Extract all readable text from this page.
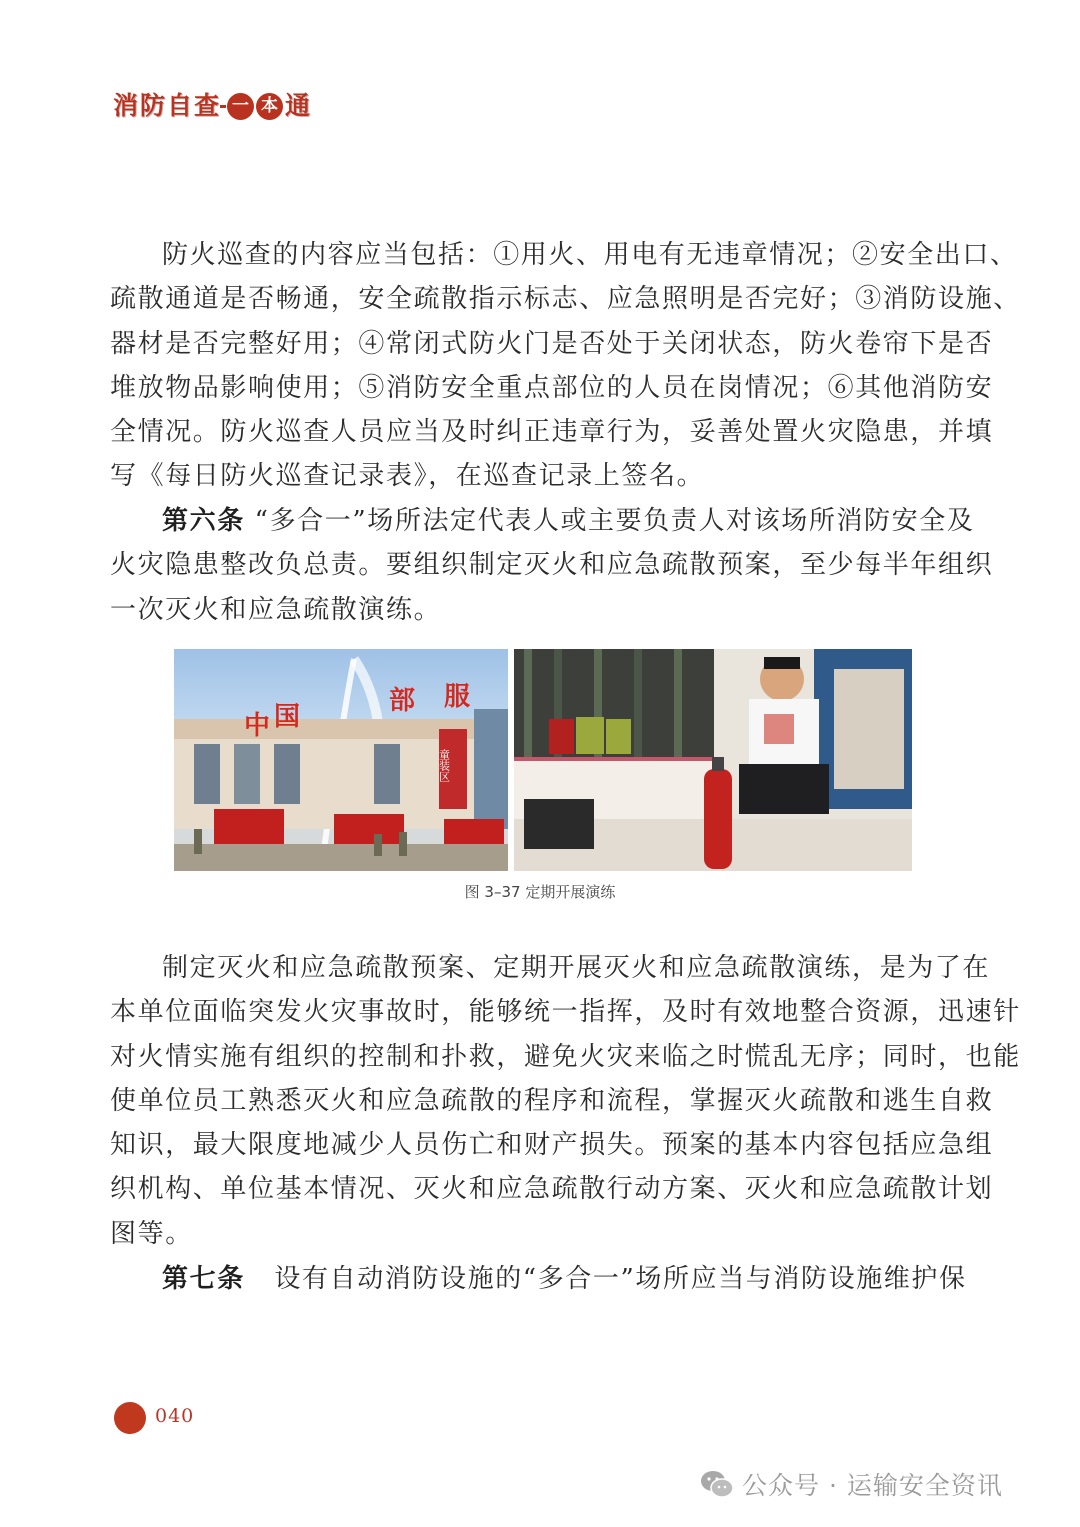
消 防 自 查 一 本 通

防火巡查的内容应当包括：①用火、用电有无违章情况；②安全出口、
疏散通道是否畅通，安全疏散指示标志、应急照明是否完好；③消防设施、
器材是否完整好用；④常闭式防火门是否处于关闭状态，防火卷帘下是否
堆放物品影响使用；⑤消防安全重点部位的人员在岗情况；⑥其他消防安
全情况。防火巡查人员应当及时纠正违章行为，妥善处置火灾隐患，并填
写《每日防火巡查记录表》，在巡查记录上签名。

第六条 “多合一”场所法定代表人或主要负责人对该场所消防安全及
火灾隐患整改负总责。要组织制定灭火和应急疏散预案，至少每半年组织
一次灭火和应急疏散演练。

中 国
部 服
童装区
图 3–37 定期开展演练

制定灭火和应急疏散预案、定期开展灭火和应急疏散演练，是为了在
本单位面临突发火灾事故时，能够统一指挥，及时有效地整合资源，迅速针
对火情实施有组织的控制和扑救，避免火灾来临之时慌乱无序；同时，也能
使单位员工熟悉灭火和应急疏散的程序和流程，掌握灭火疏散和逃生自救
知识，最大限度地减少人员伤亡和财产损失。预案的基本内容包括应急组
织机构、单位基本情况、灭火和应急疏散行动方案、灭火和应急疏散计划
图等。

第七条   设有自动消防设施的“多合一”场所应当与消防设施维护保

040
公众号 · 运输安全资讯
